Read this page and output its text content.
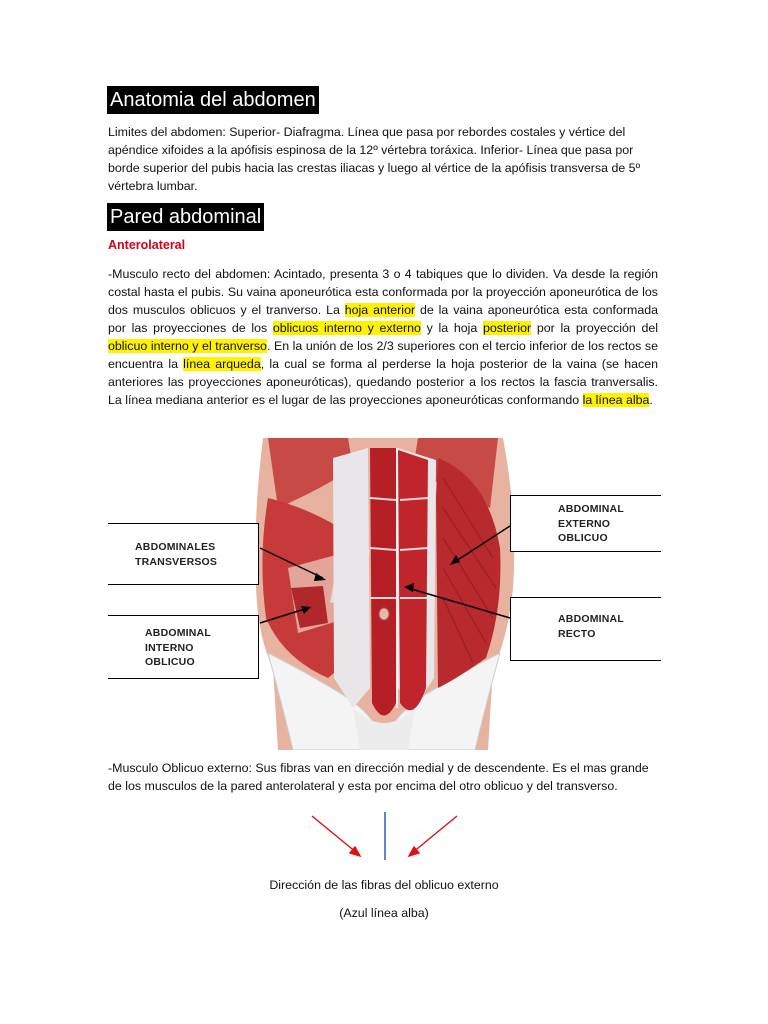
Anatomia del abdomen
Limites del abdomen: Superior- Diafragma. Línea que pasa por rebordes costales y vértice del apéndice xifoides a la apófisis espinosa de la 12º vértebra toráxica. Inferior- Línea que pasa por borde superior del pubis hacia las crestas iliacas y luego al vértice de la apófisis transversa de 5º vértebra lumbar.
Pared abdominal
Anterolateral
-Musculo recto del abdomen: Acintado, presenta 3 o 4 tabiques que lo dividen. Va desde la región costal hasta el pubis. Su vaina aponeurótica esta conformada por la proyección aponeurótica de los dos musculos oblicuos y el tranverso. La hoja anterior de la vaina aponeurótica esta conformada por las proyecciones de los oblicuos interno y externo y la hoja posterior por la proyección del oblicuo interno y el tranverso. En la unión de los 2/3 superiores con el tercio inferior de los rectos se encuentra la línea arqueda, la cual se forma al perderse la hoja posterior de la vaina (se hacen anteriores las proyecciones aponeuróticas), quedando posterior a los rectos la fascia tranversalis. La línea mediana anterior es el lugar de las proyecciones aponeuróticas conformando la línea alba.
ABDOMINALES
TRANSVERSOS
ABDOMINAL
INTERNO
OBLICUO
ABDOMINAL
EXTERNO
OBLICUO
ABDOMINAL
RECTO
-Musculo Oblicuo externo: Sus fibras van en dirección medial y de descendente. Es el mas grande de los musculos de la pared anterolateral y esta por encima del otro oblicuo y del transverso.
Dirección de las fibras del oblicuo externo
(Azul línea alba)
